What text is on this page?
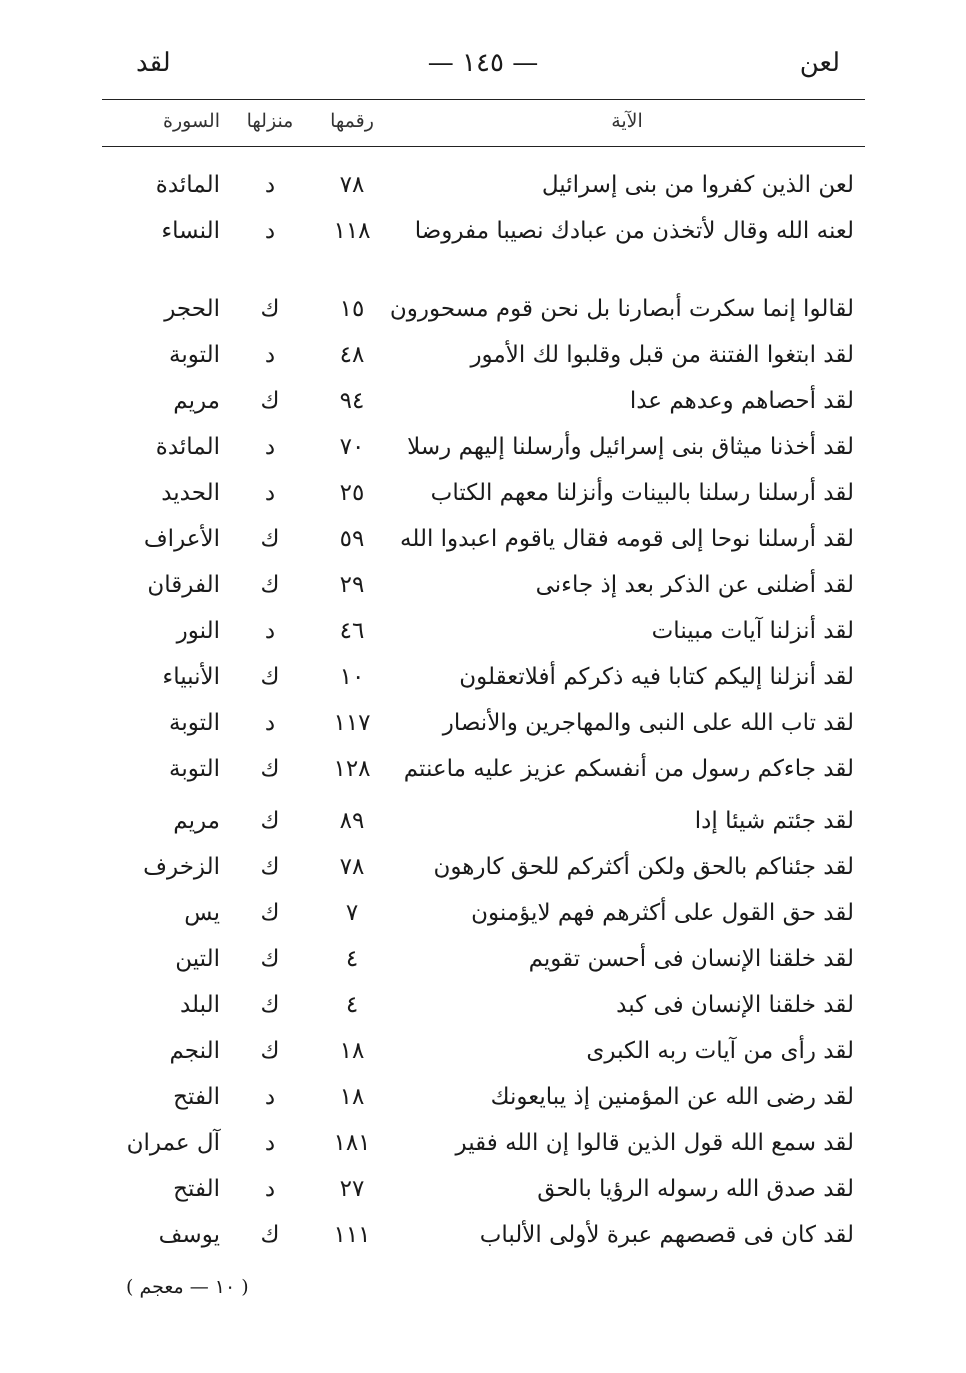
لعن
— ١٤٥ —
لقد
الآية
رقمها
منزلها
السورة
لعن الذين كفروا من بنى إسرائيل
٧٨
د
المائدة
لعنه الله وقال لأتخذن من عبادك نصيبا مفروضا
١١٨
د
النساء
لقالوا إنما سكرت أبصارنا بل نحن قوم مسحورون
١٥
ك
الحجر
لقد ابتغوا الفتنة من قبل وقلبوا لك الأمور
٤٨
د
التوبة
لقد أحصاهم وعدهم عدا
٩٤
ك
مريم
لقد أخذنا ميثاق بنى إسرائيل وأرسلنا إليهم رسلا
٧٠
د
المائدة
لقد أرسلنا رسلنا بالبينات وأنزلنا معهم الكتاب
٢٥
د
الحديد
لقد أرسلنا نوحا إلى قومه فقال ياقوم اعبدوا الله
٥٩
ك
الأعراف
لقد أضلنى عن الذكر بعد إذ جاءنى
٢٩
ك
الفرقان
لقد أنزلنا آيات مبينات
٤٦
د
النور
لقد أنزلنا إليكم كتابا فيه ذكركم أفلاتعقلون
١٠
ك
الأنبياء
لقد تاب الله على النبى والمهاجرين والأنصار
١١٧
د
التوبة
لقد جاءكم رسول من أنفسكم عزيز عليه ماعنتم
١٢٨
ك
التوبة
لقد جئتم شيئا إدا
٨٩
ك
مريم
لقد جئناكم بالحق ولكن أكثركم للحق كارهون
٧٨
ك
الزخرف
لقد حق القول على أكثرهم فهم لايؤمنون
٧
ك
يس
لقد خلقنا الإنسان فى أحسن تقويم
٤
ك
التين
لقد خلقنا الإنسان فى كبد
٤
ك
البلد
لقد رأى من آيات ربه الكبرى
١٨
ك
النجم
لقد رضى الله عن المؤمنين إذ يبايعونك
١٨
د
الفتح
لقد سمع الله قول الذين قالوا إن الله فقير
١٨١
د
آل عمران
لقد صدق الله رسوله الرؤيا بالحق
٢٧
د
الفتح
لقد كان فى قصصهم عبرة لأولى الألباب
١١١
ك
يوسف
( ١٠ — معجم )
